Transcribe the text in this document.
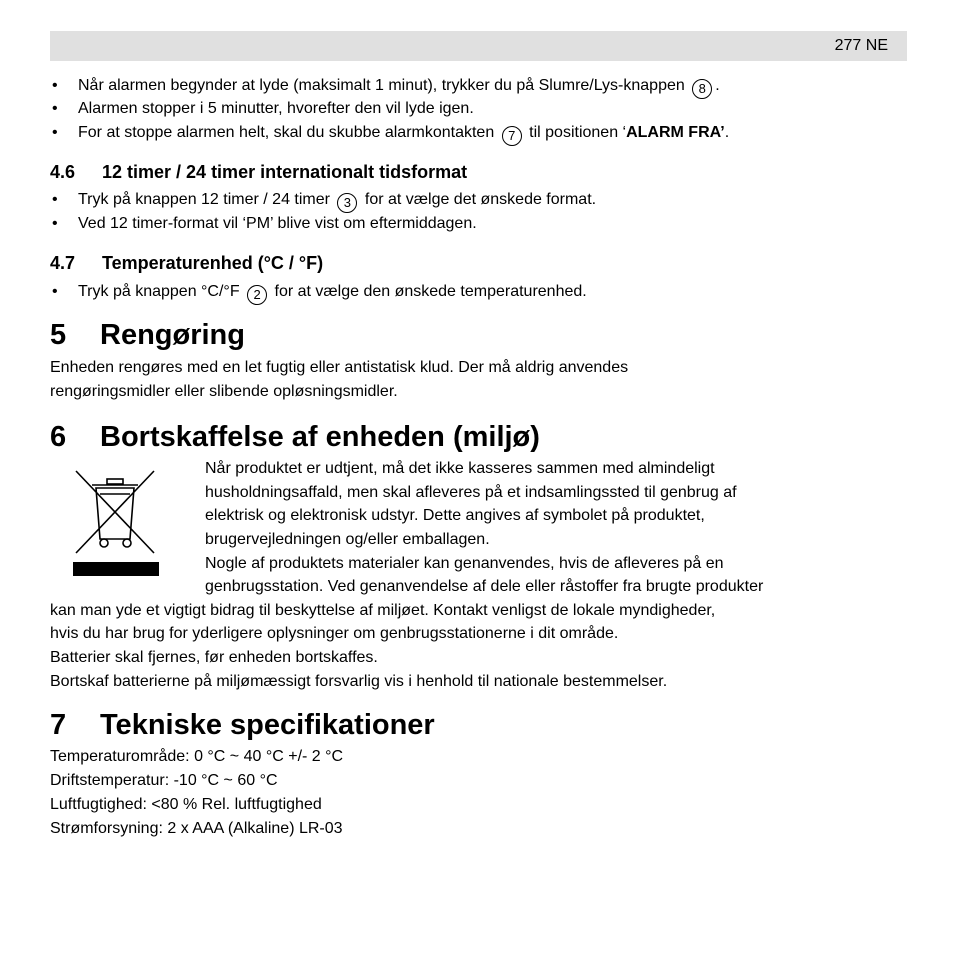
277 NE
• Når alarmen begynder at lyde (maksimalt 1 minut), trykker du på Slumre/Lys-knappen 8 .
• Alarmen stopper i 5 minutter, hvorefter den vil lyde igen.
• For at stoppe alarmen helt, skal du skubbe alarmkontakten 7 til positionen ‘ALARM FRA’.
4.6 12 timer / 24 timer internationalt tidsformat
• Tryk på knappen 12 timer / 24 timer 3 for at vælge det ønskede format.
• Ved 12 timer-format vil ‘PM’ blive vist om eftermiddagen.
4.7 Temperaturenhed (°C / °F)
• Tryk på knappen °C/°F 2 for at vælge den ønskede temperaturenhed.
5 Rengøring
Enheden rengøres med en let fugtig eller antistatisk klud. Der må aldrig anvendes
rengøringsmidler eller slibende opløsningsmidler.
6 Bortskaffelse af enheden (miljø)
Når produktet er udtjent, må det ikke kasseres sammen med almindeligt
husholdningsaffald, men skal afleveres på et indsamlingssted til genbrug af
elektrisk og elektronisk udstyr. Dette angives af symbolet på produktet,
brugervejledningen og/eller emballagen.
Nogle af produktets materialer kan genanvendes, hvis de afleveres på en
genbrugsstation. Ved genanvendelse af dele eller råstoffer fra brugte produkter
kan man yde et vigtigt bidrag til beskyttelse af miljøet. Kontakt venligst de lokale myndigheder,
hvis du har brug for yderligere oplysninger om genbrugsstationerne i dit område.
Batterier skal fjernes, før enheden bortskaffes.
Bortskaf batterierne på miljømæssigt forsvarlig vis i henhold til nationale bestemmelser.
7 Tekniske specifikationer
Temperaturområde: 0 °C ~ 40 °C +/- 2 °C
Driftstemperatur: -10 °C ~ 60 °C
Luftfugtighed: <80 % Rel. luftfugtighed
Strømforsyning: 2 x AAA (Alkaline) LR-03
